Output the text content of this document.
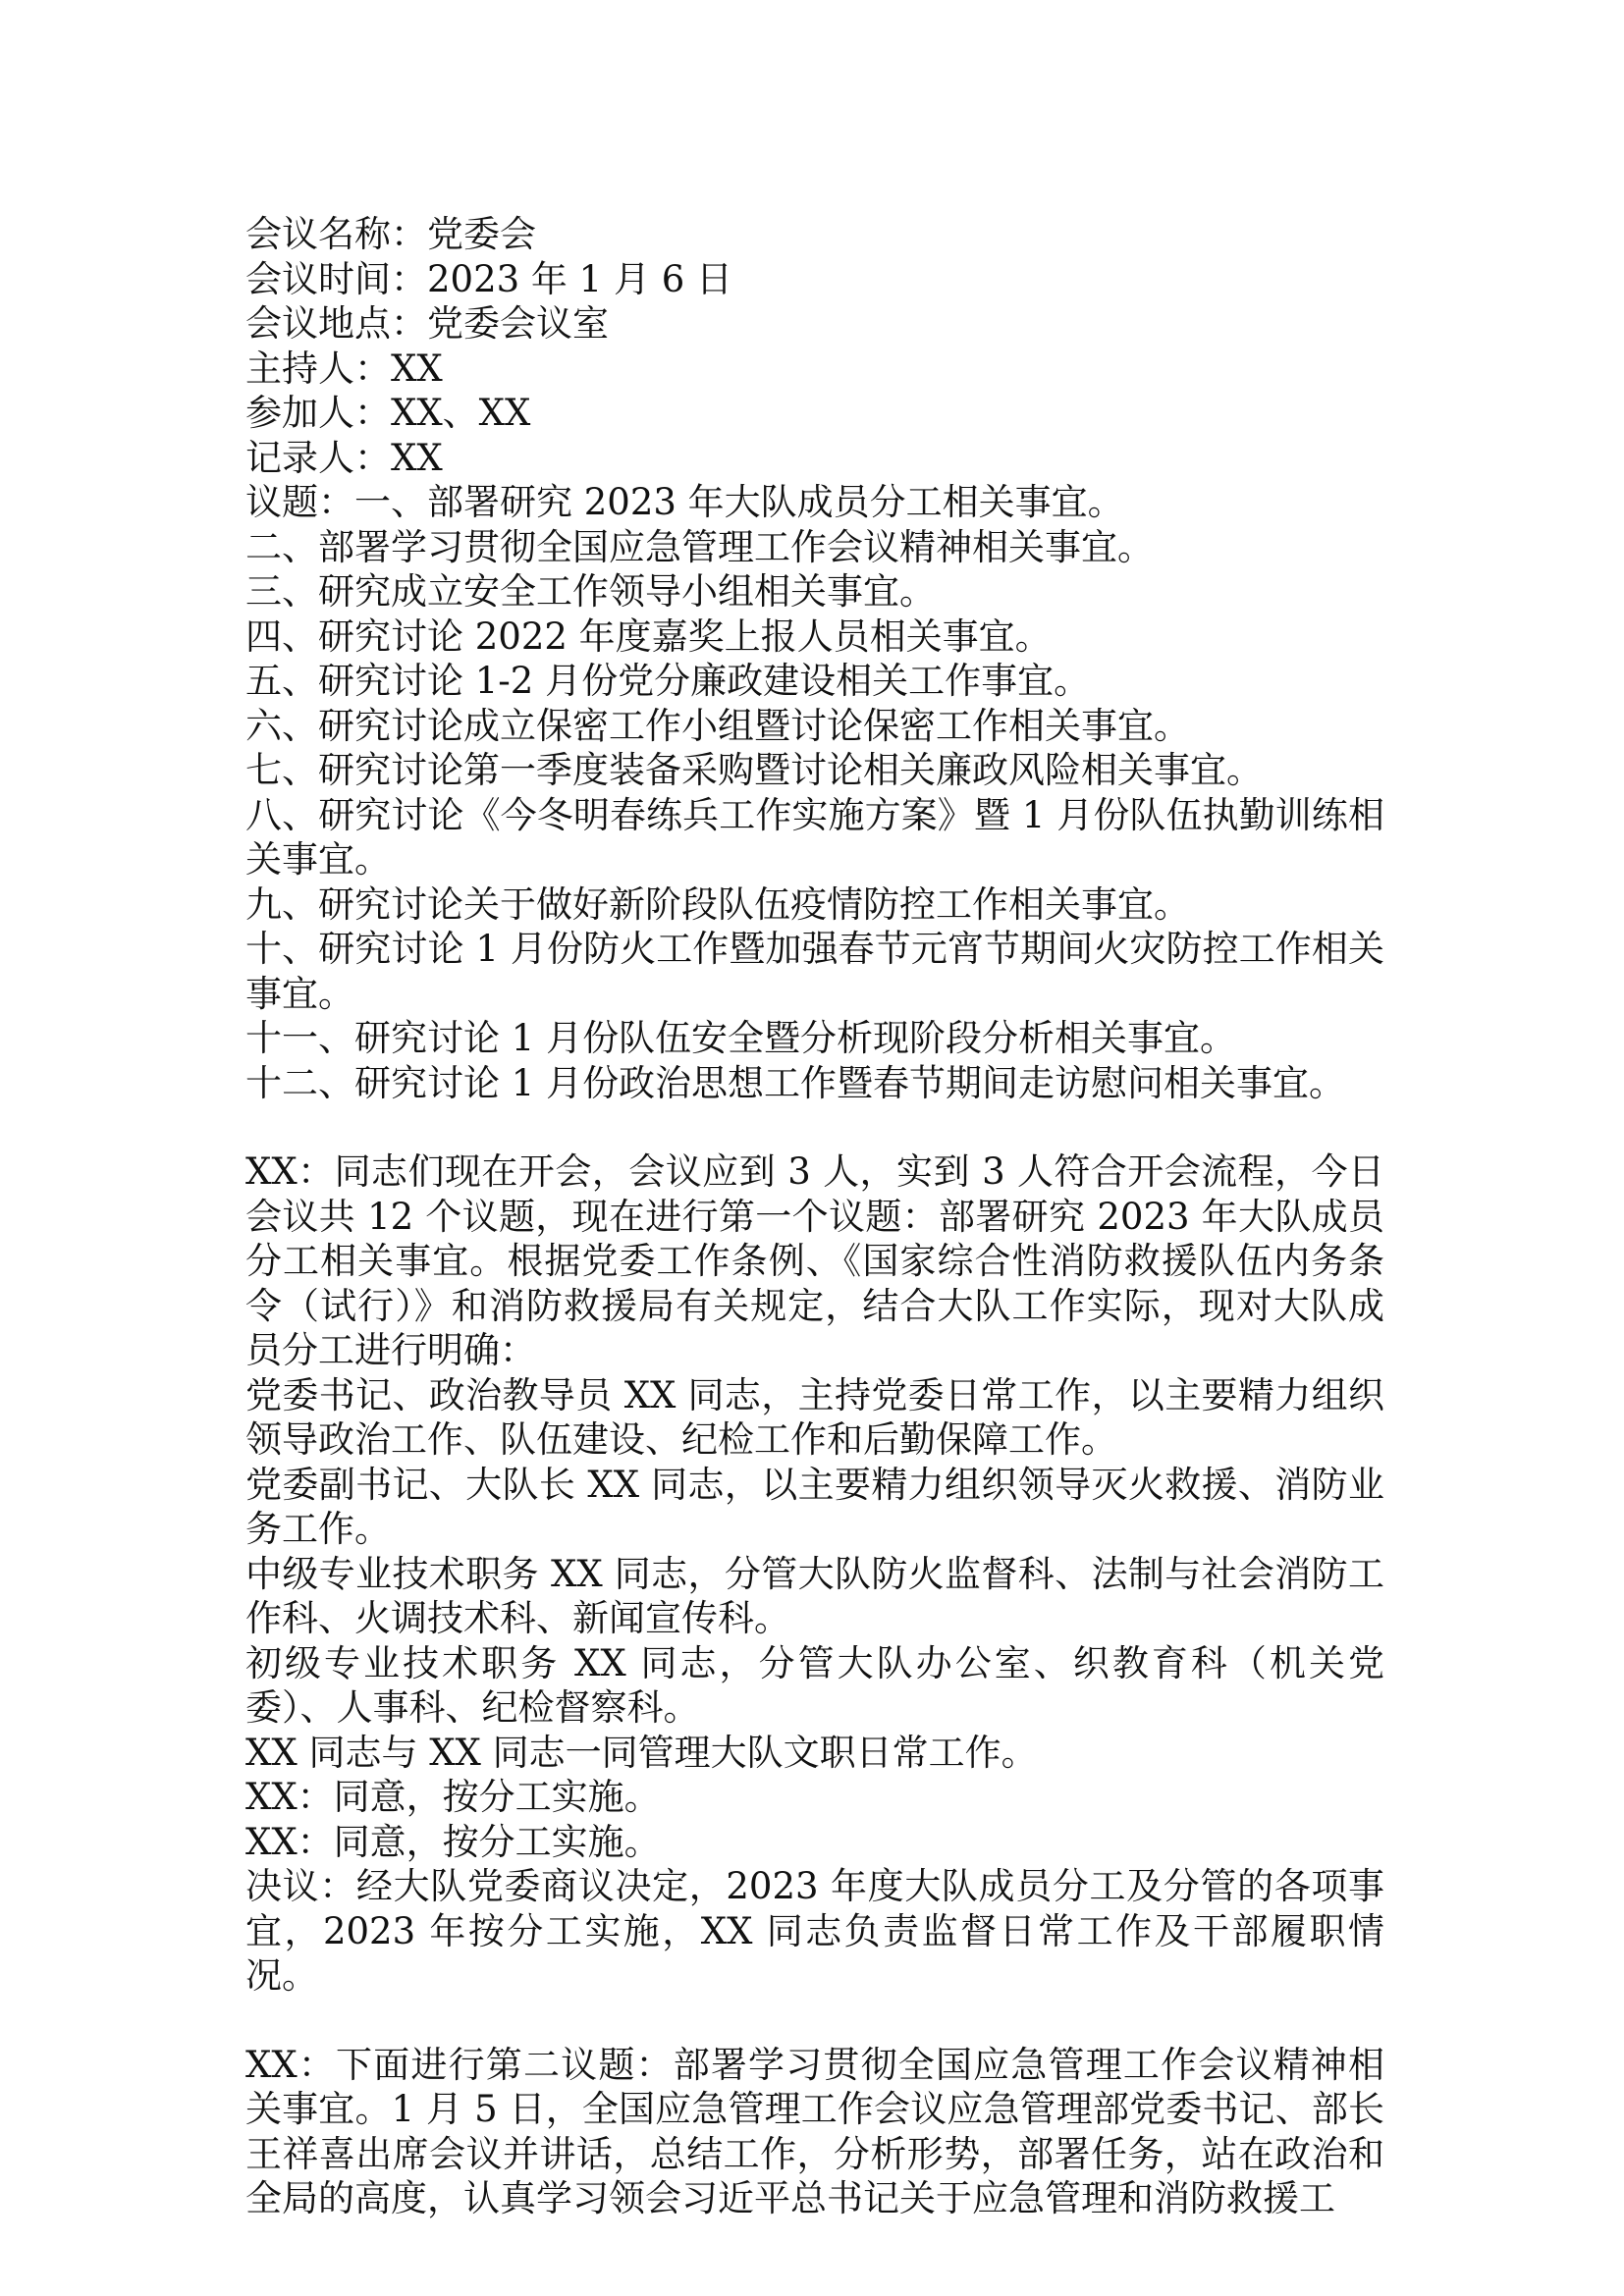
会议名称：党委会

会议时间：2023 年 1 月 6 日

会议地点：党委会议室

主持人：XX

参加人：XX、XX

记录人：XX

议题：一、部署研究 2023 年大队成员分工相关事宜。

二、部署学习贯彻全国应急管理工作会议精神相关事宜。

三、研究成立安全工作领导小组相关事宜。

四、研究讨论 2022 年度嘉奖上报人员相关事宜。

五、研究讨论 1-2 月份党分廉政建设相关工作事宜。

六、研究讨论成立保密工作小组暨讨论保密工作相关事宜。

七、研究讨论第一季度装备采购暨讨论相关廉政风险相关事宜。

八、研究讨论《今冬明春练兵工作实施方案》暨 1 月份队伍执勤训练相关事宜。

九、研究讨论关于做好新阶段队伍疫情防控工作相关事宜。

十、研究讨论 1 月份防火工作暨加强春节元宵节期间火灾防控工作相关事宜。

十一、研究讨论 1 月份队伍安全暨分析现阶段分析相关事宜。

十二、研究讨论 1 月份政治思想工作暨春节期间走访慰问相关事宜。

XX：同志们现在开会，会议应到 3 人，实到 3 人符合开会流程，今日会议共 12 个议题，现在进行第一个议题：部署研究 2023 年大队成员分工相关事宜。根据党委工作条例、《国家综合性消防救援队伍内务条令（试行）》和消防救援局有关规定，结合大队工作实际，现对大队成员分工进行明确：

党委书记、政治教导员 XX 同志，主持党委日常工作，以主要精力组织领导政治工作、队伍建设、纪检工作和后勤保障工作。

党委副书记、大队长 XX 同志，以主要精力组织领导灭火救援、消防业务工作。

中级专业技术职务 XX 同志，分管大队防火监督科、法制与社会消防工作科、火调技术科、新闻宣传科。

初级专业技术职务 XX 同志，分管大队办公室、织教育科（机关党委）、人事科、纪检督察科。

XX 同志与 XX 同志一同管理大队文职日常工作。

XX：同意，按分工实施。

XX：同意，按分工实施。

决议：经大队党委商议决定，2023 年度大队成员分工及分管的各项事宜，2023 年按分工实施，XX 同志负责监督日常工作及干部履职情况。

XX：下面进行第二议题：部署学习贯彻全国应急管理工作会议精神相关事宜。1 月 5 日，全国应急管理工作会议应急管理部党委书记、部长王祥喜出席会议并讲话，总结工作，分析形势，部署任务，站在政治和全局的高度，认真学习领会习近平总书记关于应急管理和消防救援工
